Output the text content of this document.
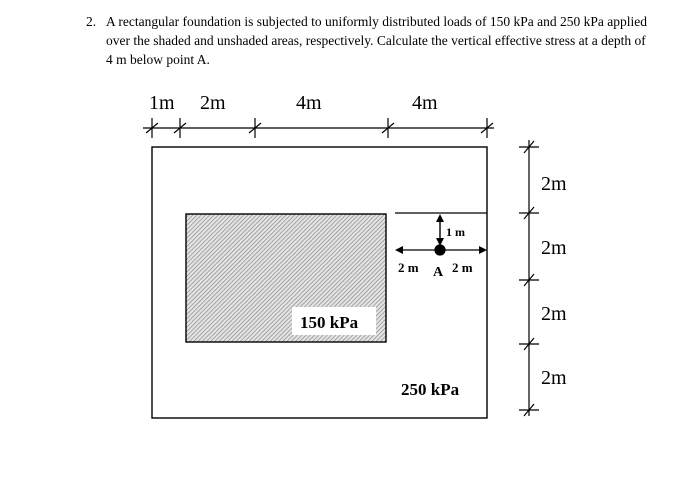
2. A rectangular foundation is subjected to uniformly distributed loads of 150 kPa and 250 kPa applied over the shaded and unshaded areas, respectively. Calculate the vertical effective stress at a depth of 4 m below point A.
1m 2m	4m	4m
150 kPa
250 kPa
1 m
2 m A 2 m
2m
2m
2m
2m
